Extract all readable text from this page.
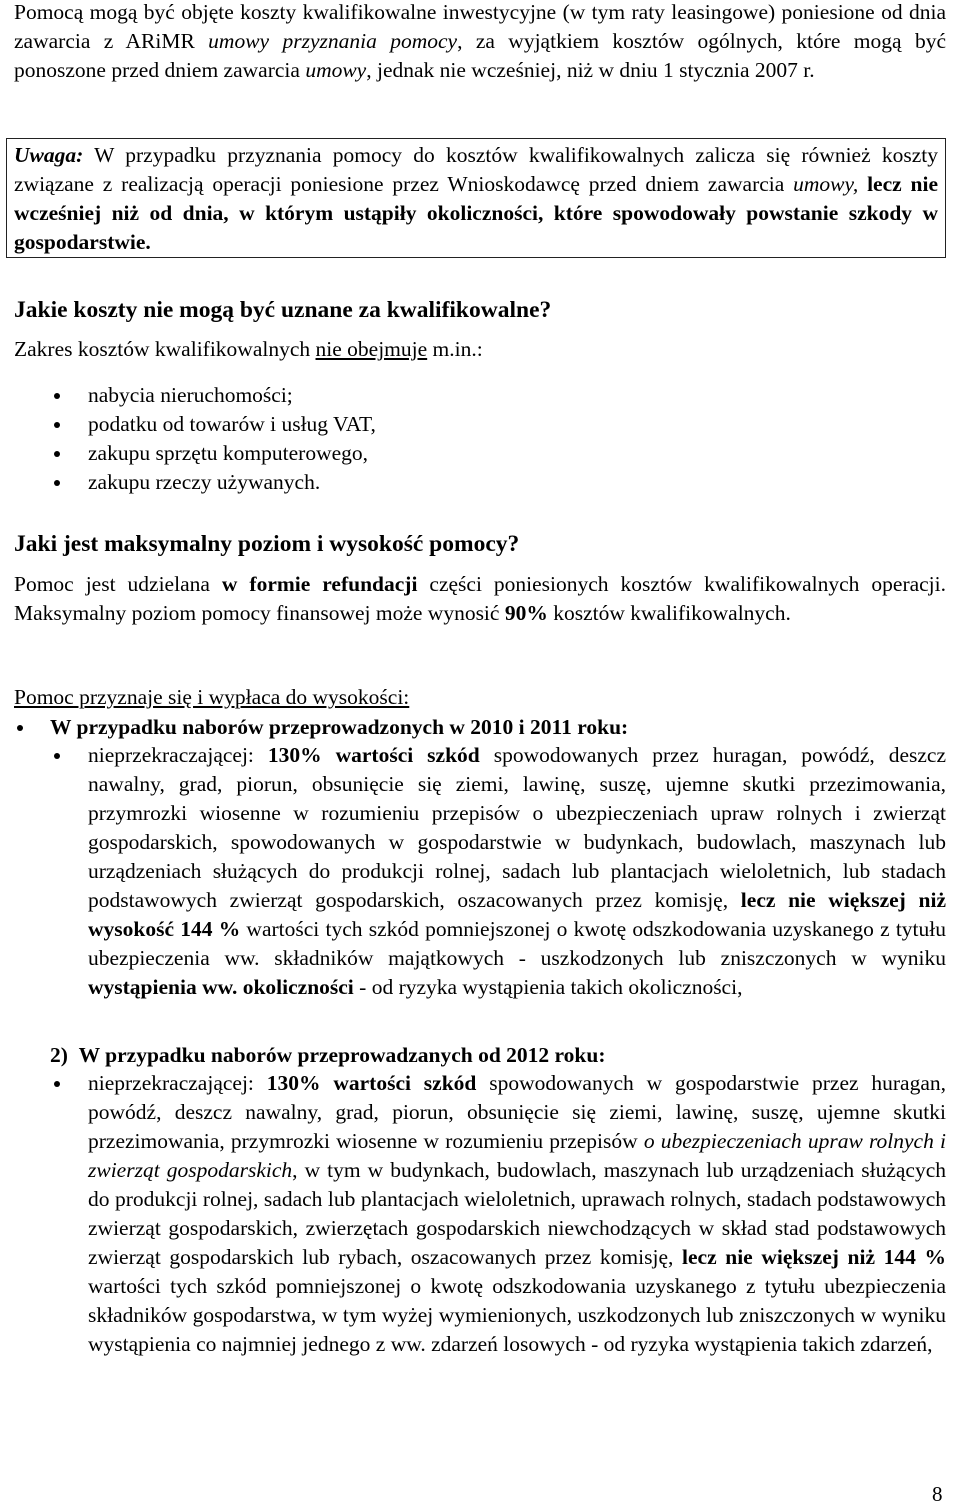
Pomocą mogą być objęte koszty kwalifikowalne inwestycyjne (w tym raty leasingowe) poniesione od dnia zawarcia z ARiMR umowy przyznania pomocy, za wyjątkiem kosztów ogólnych, które mogą być ponoszone przed dniem zawarcia umowy, jednak nie wcześniej, niż w dniu 1 stycznia 2007 r.

Uwaga: W przypadku przyznania pomocy do kosztów kwalifikowalnych zalicza się również koszty związane z realizacją operacji poniesione przez Wnioskodawcę przed dniem zawarcia umowy, lecz nie wcześniej niż od dnia, w którym ustąpiły okoliczności, które spowodowały powstanie szkody w gospodarstwie.

Jakie koszty nie mogą być uznane za kwalifikowalne?

Zakres kosztów kwalifikowalnych nie obejmuje m.in.:

nabycia nieruchomości;
podatku od towarów i usług VAT,
zakupu sprzętu komputerowego,
zakupu rzeczy używanych.
Jaki jest maksymalny poziom i wysokość pomocy?

Pomoc jest udzielana w formie refundacji części poniesionych kosztów kwalifikowalnych operacji. Maksymalny poziom pomocy finansowej może wynosić 90% kosztów kwalifikowalnych.

Pomoc przyznaje się i wypłaca do wysokości:

W przypadku naborów przeprowadzonych w 2010 i 2011 roku:

nieprzekraczającej: 130% wartości szkód spowodowanych przez huragan, powódź, deszcz nawalny, grad, piorun, obsunięcie się ziemi, lawinę, suszę, ujemne skutki przezimowania, przymrozki wiosenne w rozumieniu przepisów o ubezpieczeniach upraw rolnych i zwierząt gospodarskich, spowodowanych w gospodarstwie w budynkach, budowlach, maszynach lub urządzeniach służących do produkcji rolnej, sadach lub plantacjach wieloletnich, lub stadach podstawowych zwierząt gospodarskich, oszacowanych przez komisję, lecz nie większej niż wysokość 144 % wartości tych szkód pomniejszonej o kwotę odszkodowania uzyskanego z tytułu ubezpieczenia ww. składników majątkowych - uszkodzonych lub zniszczonych w wyniku wystąpienia ww. okoliczności - od ryzyka wystąpienia takich okoliczności,

2) W przypadku naborów przeprowadzanych od 2012 roku:

nieprzekraczającej: 130% wartości szkód spowodowanych w gospodarstwie przez huragan, powódź, deszcz nawalny, grad, piorun, obsunięcie się ziemi, lawinę, suszę, ujemne skutki przezimowania, przymrozki wiosenne w rozumieniu przepisów o ubezpieczeniach upraw rolnych i zwierząt gospodarskich, w tym w budynkach, budowlach, maszynach lub urządzeniach służących do produkcji rolnej, sadach lub plantacjach wieloletnich, uprawach rolnych, stadach podstawowych zwierząt gospodarskich, zwierzętach gospodarskich niewchodzących w skład stad podstawowych zwierząt gospodarskich lub rybach, oszacowanych przez komisję, lecz nie większej niż 144 % wartości tych szkód pomniejszonej o kwotę odszkodowania uzyskanego z tytułu ubezpieczenia składników gospodarstwa, w tym wyżej wymienionych, uszkodzonych lub zniszczonych w wyniku wystąpienia co najmniej jednego z ww. zdarzeń losowych - od ryzyka wystąpienia takich zdarzeń,

8
